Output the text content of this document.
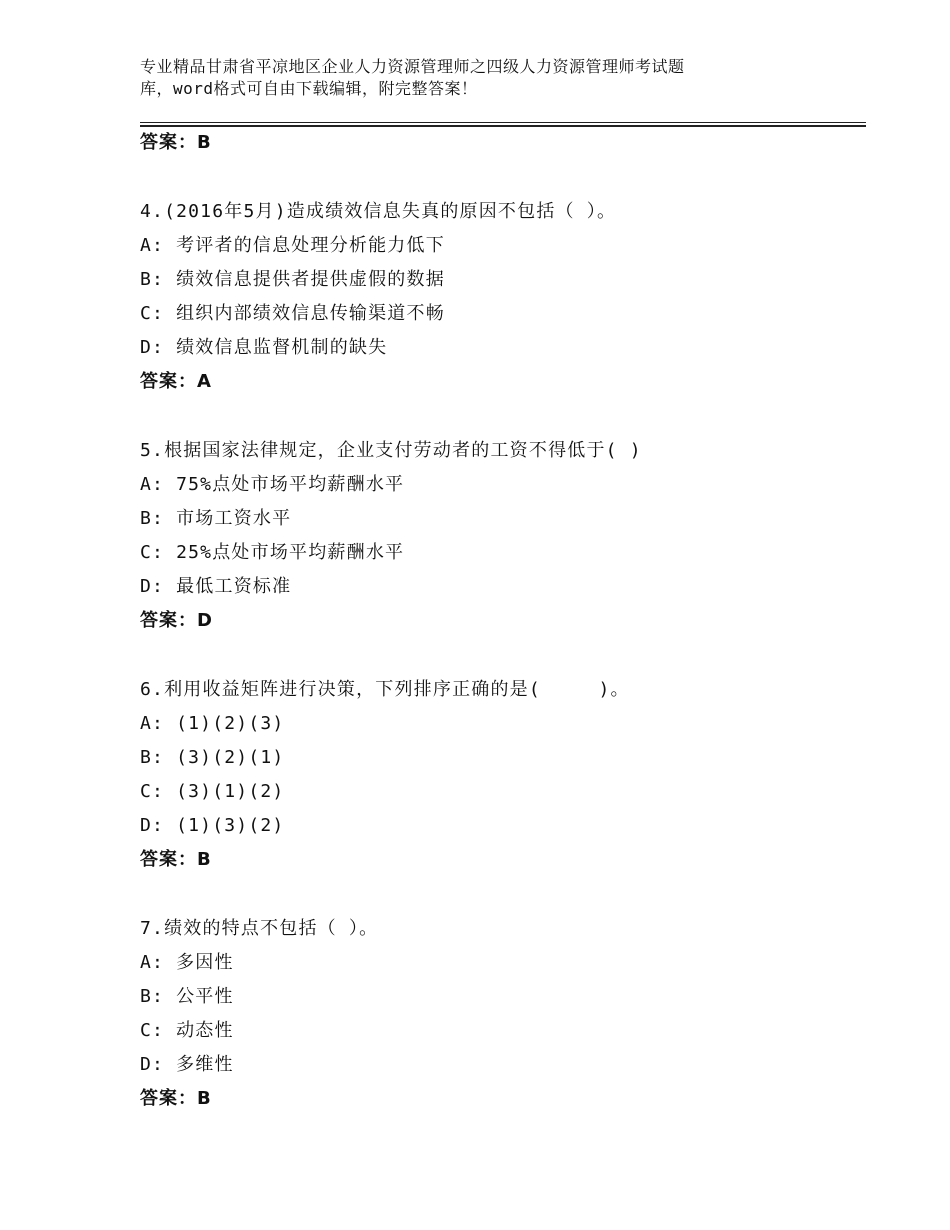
专业精品甘肃省平凉地区企业人力资源管理师之四级人力资源管理师考试题
库，word格式可自由下载编辑，附完整答案！
答案：B
4.(2016年5月)造成绩效信息失真的原因不包括（ ）。
A: 考评者的信息处理分析能力低下
B: 绩效信息提供者提供虚假的数据
C: 组织内部绩效信息传输渠道不畅
D: 绩效信息监督机制的缺失
答案：A
5.根据国家法律规定，企业支付劳动者的工资不得低于( )
A: 75%点处市场平均薪酬水平
B: 市场工资水平
C: 25%点处市场平均薪酬水平
D: 最低工资标准
答案：D
6.利用收益矩阵进行决策，下列排序正确的是(　　　)。
A: (1)(2)(3)
B: (3)(2)(1)
C: (3)(1)(2)
D: (1)(3)(2)
答案：B
7.绩效的特点不包括（ ）。
A: 多因性
B: 公平性
C: 动态性
D: 多维性
答案：B
